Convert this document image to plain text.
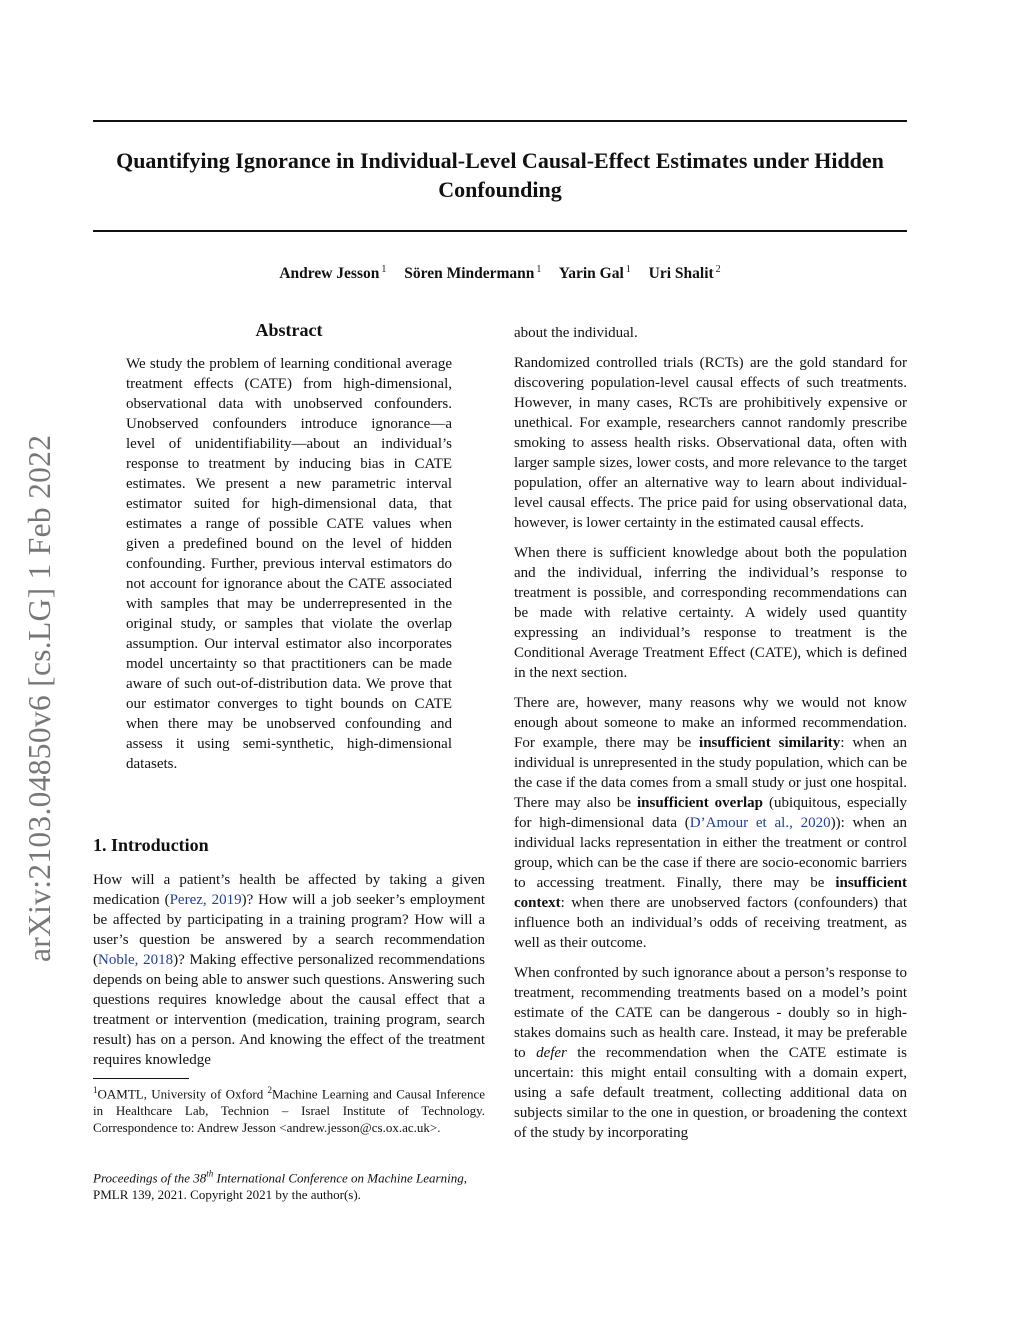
Quantifying Ignorance in Individual-Level Causal-Effect Estimates under Hidden Confounding
Andrew Jesson $^1$ Sören Mindermann $^1$ Yarin Gal $^1$ Uri Shalit $^2$
arXiv:2103.04850v6 [cs.LG] 1 Feb 2022
Abstract

We study the problem of learning conditional average treatment effects (CATE) from high-dimensional, observational data with unobserved confounders. Unobserved confounders introduce ignorance—a level of unidentifiability—about an individual’s response to treatment by inducing bias in CATE estimates. We present a new parametric interval estimator suited for high-dimensional data, that estimates a range of possible CATE values when given a predefined bound on the level of hidden confounding. Further, previous interval estimators do not account for ignorance about the CATE associated with samples that may be underrepresented in the original study, or samples that violate the overlap assumption. Our interval estimator also incorporates model uncertainty so that practitioners can be made aware of such out-of-distribution data. We prove that our estimator converges to tight bounds on CATE when there may be unobserved confounding and assess it using semi-synthetic, high-dimensional datasets.

1. Introduction

How will a patient’s health be affected by taking a given medication (Perez, 2019)? How will a job seeker’s employment be affected by participating in a training program? How will a user’s question be answered by a search recommendation (Noble, 2018)? Making effective personalized recommendations depends on being able to answer such questions. Answering such questions requires knowledge about the causal effect that a treatment or intervention (medication, training program, search result) has on a person. And knowing the effect of the treatment requires knowledge

about the individual.

Randomized controlled trials (RCTs) are the gold standard for discovering population-level causal effects of such treatments. However, in many cases, RCTs are prohibitively expensive or unethical. For example, researchers cannot randomly prescribe smoking to assess health risks. Observational data, often with larger sample sizes, lower costs, and more relevance to the target population, offer an alternative way to learn about individual-level causal effects. The price paid for using observational data, however, is lower certainty in the estimated causal effects.

When there is sufficient knowledge about both the population and the individual, inferring the individual’s response to treatment is possible, and corresponding recommendations can be made with relative certainty. A widely used quantity expressing an individual’s response to treatment is the Conditional Average Treatment Effect (CATE), which is defined in the next section.

There are, however, many reasons why we would not know enough about someone to make an informed recommendation. For example, there may be insufficient similarity: when an individual is unrepresented in the study population, which can be the case if the data comes from a small study or just one hospital. There may also be insufficient overlap (ubiquitous, especially for high-dimensional data (D’Amour et al., 2020)): when an individual lacks representation in either the treatment or control group, which can be the case if there are socio-economic barriers to accessing treatment. Finally, there may be insufficient context: when there are unobserved factors (confounders) that influence both an individual’s odds of receiving treatment, as well as their outcome.

When confronted by such ignorance about a person’s response to treatment, recommending treatments based on a model’s point estimate of the CATE can be dangerous - doubly so in high-stakes domains such as health care. Instead, it may be preferable to defer the recommendation when the CATE estimate is uncertain: this might entail consulting with a domain expert, using a safe default treatment, collecting additional data on subjects similar to the one in question, or broadening the context of the study by incorporating

$^1$OAMTL, University of Oxford $^2$Machine Learning and Causal Inference in Healthcare Lab, Technion – Israel Institute of Technology. Correspondence to: Andrew Jesson <andrew.jesson@cs.ox.ac.uk>.
Proceedings of the 38th International Conference on Machine Learning, PMLR 139, 2021. Copyright 2021 by the author(s).
